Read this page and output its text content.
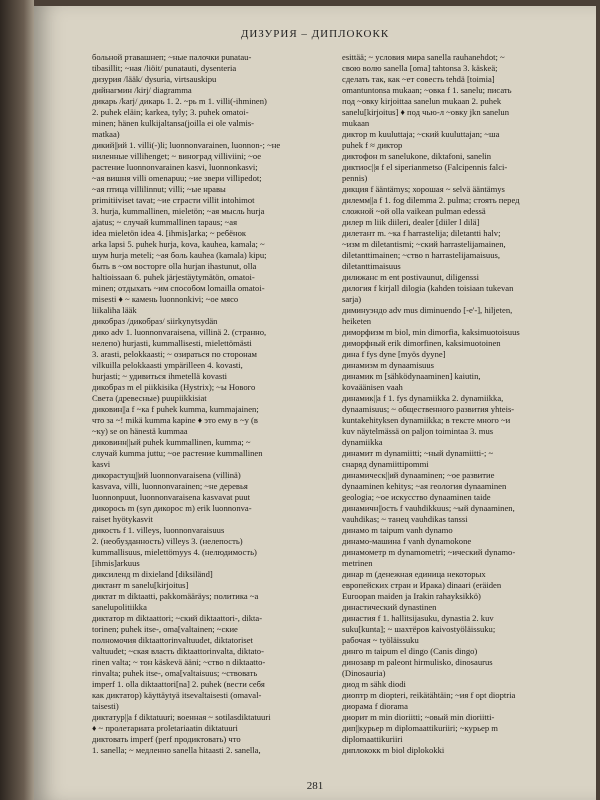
ДИЗУРИЯ – ДИПЛОКОКК
больной ртавашнеп; ~ные палочки punatau-
tibasillit; ~ная /liöit/ punatauti, dysenteria
дизурия /lääk/ dysuria, virtsauskipu
дийнагмин /kirj/ diagramma
дикарь /karj/ дикарь 1. 2. ~рь m 1. villi(-ihminen)
2. puhek eläin; karkea, tyly; 3. puhek omatoi-
minen; hänen kulkijaltansa(joilla ei ole valmis-
matkaa)
дикий||ий 1. villi(-)li; luonnonvarainen, luonnon-; ~не
ниленные villihenget; ~ виноград villiviini; ~ое
растение luonnonvarainen kasvi, luonnonkasvi;
~ая вишня villi omenapuu; ~ие звери villipedot;
~ая птица villilinnut; villi; ~ые нравы
primitiiviset tavat; ~ие страсти villit intohimot
3. hurja, kummallinen, mieletön; ~ая мысль hurja
ajatus; ~ случай kummallinen tapaus; ~ая
idea mieletön idea 4. [ihmis]arka; ~ ребёнок
arka lapsi 5. puhek hurja, kova, kauhea, kamala; ~
шум hurja meteli; ~ая боль kauhea (kamala) kipu;
быть в ~ом восторге olla hurjan ihastunut, olla
haltioissaan 6. puhek järjestäytymätön, omatoi-
minen; отдыхать ~им способом lomailla omatoi-
misesti ♦ ~ камень luonnonkivi; ~ое мясо
liikaliha lääk
дикобраз /дикобраз/ siirkynytsydän
дико adv 1. luonnonvaraisena, villinä 2. (странно,
нелепо) hurjasti, kummallisesti, mielettömästi
3. arasti, pelokkaasti; ~ озираться по сторонам
vilkuilla pelokkaasti ympärilleen 4. kovasti,
hurjasti; ~ удивиться ihmetellä kovasti
дикобраз m el piikkisika (Hystrix); ~ы Нового
Света (древесные) puupiikkisiat
диковин||а f ~ка f puhek kumma, kummajainen;
что за ~! mikä kumma kapine ♦ это ему в ~у (в
~ку) se on hänestä kummaa
диковинн||ый puhek kummallinen, kumma; ~
случай kumma juttu; ~ое растение kummallinen
kasvi
дикорастущ||ий luonnonvaraisena (villinä)
kasvava, villi, luonnonvarainen; ~не деревья
luonnonpuut, luonnonvaraisena kasvavat puut
дикорось m (syn дикорос m) erik luonnonva-
raiset hyötykasvit
дикость f 1. villeys, luonnonvaraisuus
2. (необузданность) villeys 3. (нелепость)
kummallisuus, mielettömyys 4. (нелюдимость)
[ihmis]arkuus
диксиленд m dixieland [diksiländ]
диктант m sanelu[kirjoitus]
диктат m diktaatti, pakkomääräys; политика ~а
sanelupolitiikka
диктатор m diktaattori; ~ский diktaattori-, dikta-
torinen; puhek itse-, oma[valtainen; ~ские
полномочия diktaattorinvaltuudet, diktatoriset
valtuudet; ~ская власть diktaattorinvalta, diktato-
rinen valta; ~ тон käskevä ääni; ~ство n diktaatto-
rinvalta; puhek itse-, oma[valtaisuus; ~ствовать
imperf 1. olla diktaattori[na] 2. puhek (вести себя
как диктатор) käyttäytyä itsevaltaisesti (omaval-
taisesti)
диктатур||а f diktatuuri; военная ~ sotilasdiktatuuri
♦ ~ пролетариата proletariaatin diktatuuri
диктовать imperf (perf продиктовать) что
1. sanella; ~ медленно sanella hitaasti 2. sanella,
esittää; ~ условия мира sanella rauhanehdot; ~
свою волю sanella [oma] tahtonsa 3. käskeä;
сделать так, как ~ет совесть tehdä [toimia]
omantuntonsa mukaan; ~овка f 1. sanelu; писать
под ~овку kirjoittaa sanelun mukaan 2. puhek
sanelu[kirjoitus] ♦ под чью-л ~овку jkn sanelun
mukaan
диктор m kuuluttaja; ~ский kuuluttajan; ~ша
puhek f ≈ диктор
диктофон m sanelukone, diktafoni, sanelin
диктиос||я f el siperianmetso (Falcipennis falci-
pennis)
дикция f ääntämys; хорошая ~ selvä ääntämys
дилемм||а f 1. fog dilemma 2. pulma; стоять перед
сложной ~ой olla vaikean pulman edessä
дилер m liik diileri, dealer [diiler l dilä]
дилетант m. ~ка f harrastelija; diletantti halv;
~изм m diletantismi; ~ский harrastelijamainen,
diletanttimainen; ~ство n harrastelijamaisuus,
diletanttimaisuus
дилижанс m ent postivaunut, diligenssi
дилогия f kirjall dilogia (kahden toisiaan tukevan
sarja)
диминуэндо adv mus diminuendo [-e'-], hiljeten,
heiketen
диморфизм m biol, min dimorfia, kaksimuotoisuus
диморфный erik dimorfinen, kaksimuotoinen
дина f fys dyne [myös dyyne]
динамизм m dynaamisuus
динамик m [sähködynaaminen] kaiutin,
kovaäänisen vaah
динамик||а f 1. fys dynamiikka 2. dynamiikka,
dynaamisuus; ~ общественного развития yhteis-
kuntakehityksen dynamiikka; в тексте много ~и
kuv näytelmässä on paljon toimintaa 3. mus
dynamiikka
динамит m dynamiitti; ~ный dynamiitti-; ~
снаряд dynamiittipommi
динамическ||ий dynaaminen; ~ое развитие
dynaaminen kehitys; ~ая геология dynaaminen
geologia; ~ое искусство dynaaminen taide
динамичн||ость f vauhdikkuus; ~ый dynaaminen,
vauhdikas; ~ танец vauhdikas tanssi
динамо m taipum vanh dynamo
динамо-машина f vanh dynamokone
динамометр m dynamometri; ~ический dynamo-
metrinen
динар m (денежная единица некоторых
европейских стран и Ирака) dinaari (eräiden
Euroopan maiden ja Irakin rahayksikkö)
династический dynastinen
династия f 1. hallitsijasuku, dynastia 2. kuv
suku[kunta]; ~ шахтёров kaivostyöläissuku;
рабочая ~ työläissuku
динго m taipum el dingo (Canis dingo)
динозавр m paleont hirmulisko, dinosaurus
(Dinosauria)
диод m sähk diodi
диоптр m diopteri, reikätähtäin; ~ия f opt dioptria
диорама f diorama
диорит m min dioriitti; ~овый min dioriitti-
дип||курьер m diplomaattikuriiri; ~курьер m
diplomaattikuriiri
диплококк m biol diplokokki
281
